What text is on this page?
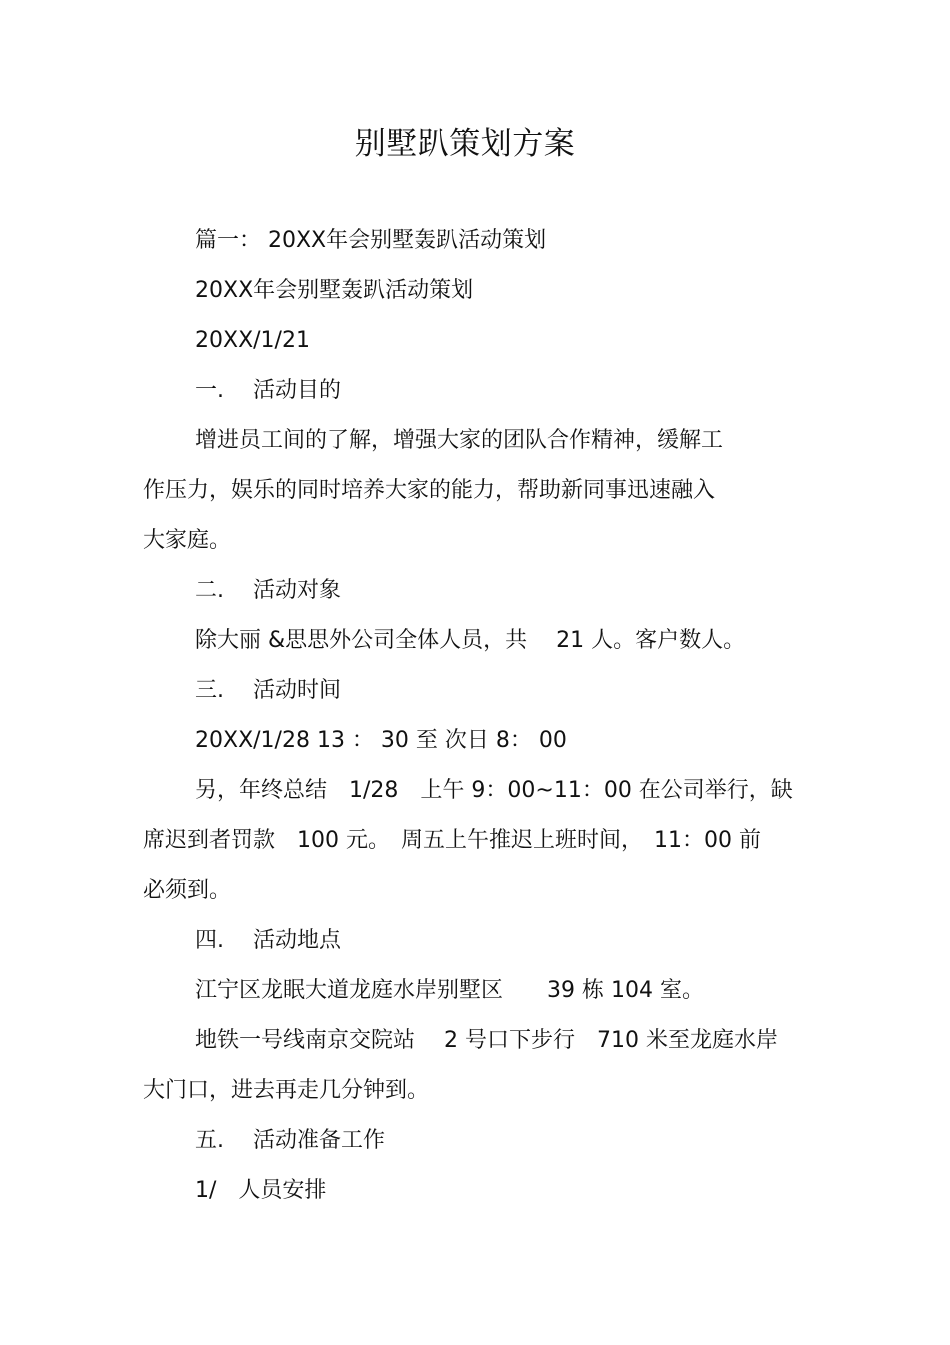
别墅趴策划方案
篇一： 20XX年会别墅轰趴活动策划
20XX年会别墅轰趴活动策划
20XX/1/21
一.　 活动目的
增进员工间的了解，增强大家的团队合作精神，缓解工
作压力，娱乐的同时培养大家的能力，帮助新同事迅速融入
大家庭。
二.　 活动对象
除大丽 &思思外公司全体人员，共　 21 人。客户数人。
三.　 活动时间
20XX/1/28 13 ： 30 至 次日 8： 00
另，年终总结　1/28　上午 9：00~11：00 在公司举行，缺
席迟到者罚款　100 元。　周五上午推迟上班时间，　11：00 前
必须到。
四.　 活动地点
江宁区龙眠大道龙庭水岸别墅区　　39 栋 104 室。
地铁一号线南京交院站　 2 号口下步行　710 米至龙庭水岸
大门口，进去再走几分钟到。
五.　 活动准备工作
1/　人员安排
